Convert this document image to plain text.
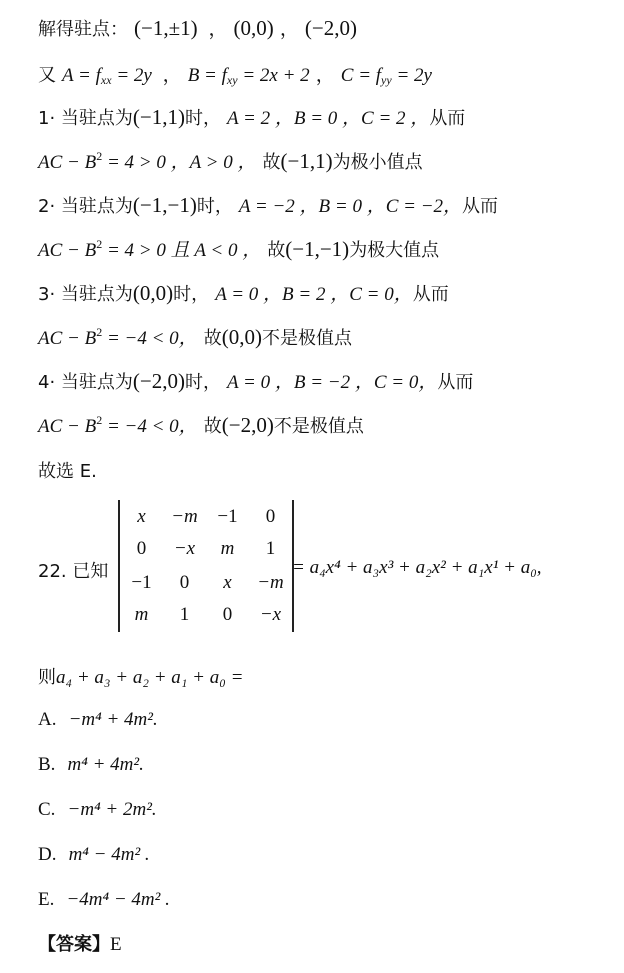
解得驻点： (−1,±1)  ， (0,0) ， (−2,0)
又 $A = f_{xx} = 2y$  ， $B = f_{xy} = 2x + 2$ ， $C = f_{yy} = 2y$
1· 当驻点为(−1,1)时， A = 2 ，B = 0 ，C = 2 ，从而
AC − $B^2 = 4 > 0$ ，A > 0 ， 故(−1,1)为极小值点
2· 当驻点为(−1,−1)时， A = −2 ，B = 0 ，C = −2，从而
AC − $B^2 = 4 > 0$ 且 A < 0 ， 故(−1,−1)为极大值点
3· 当驻点为(0,0)时， A = 0 ，B = 2 ，C = 0，从而
AC − $B^2 = -4 < 0$， 故(0,0)不是极值点
4· 当驻点为(−2,0)时， A = 0 ，B = −2 ，C = 0，从而
AC − $B^2 = -4 < 0$， 故(−2,0)不是极值点
故选 E.
22. 已知
x	−m	−1	0
0	−x	m	1
−1	0	x	−m
m	1	0	−x
= a₄x⁴ + a₃x³ + a₂x² + a₁x¹ + a₀,
则a₄ + a₃ + a₂ + a₁ + a₀ =
A. −m⁴ + 4m².
B. m⁴ + 4m².
C. −m⁴ + 2m².
D. m⁴ − 4m² .
E. −4m⁴ − 4m² .
【答案】E
